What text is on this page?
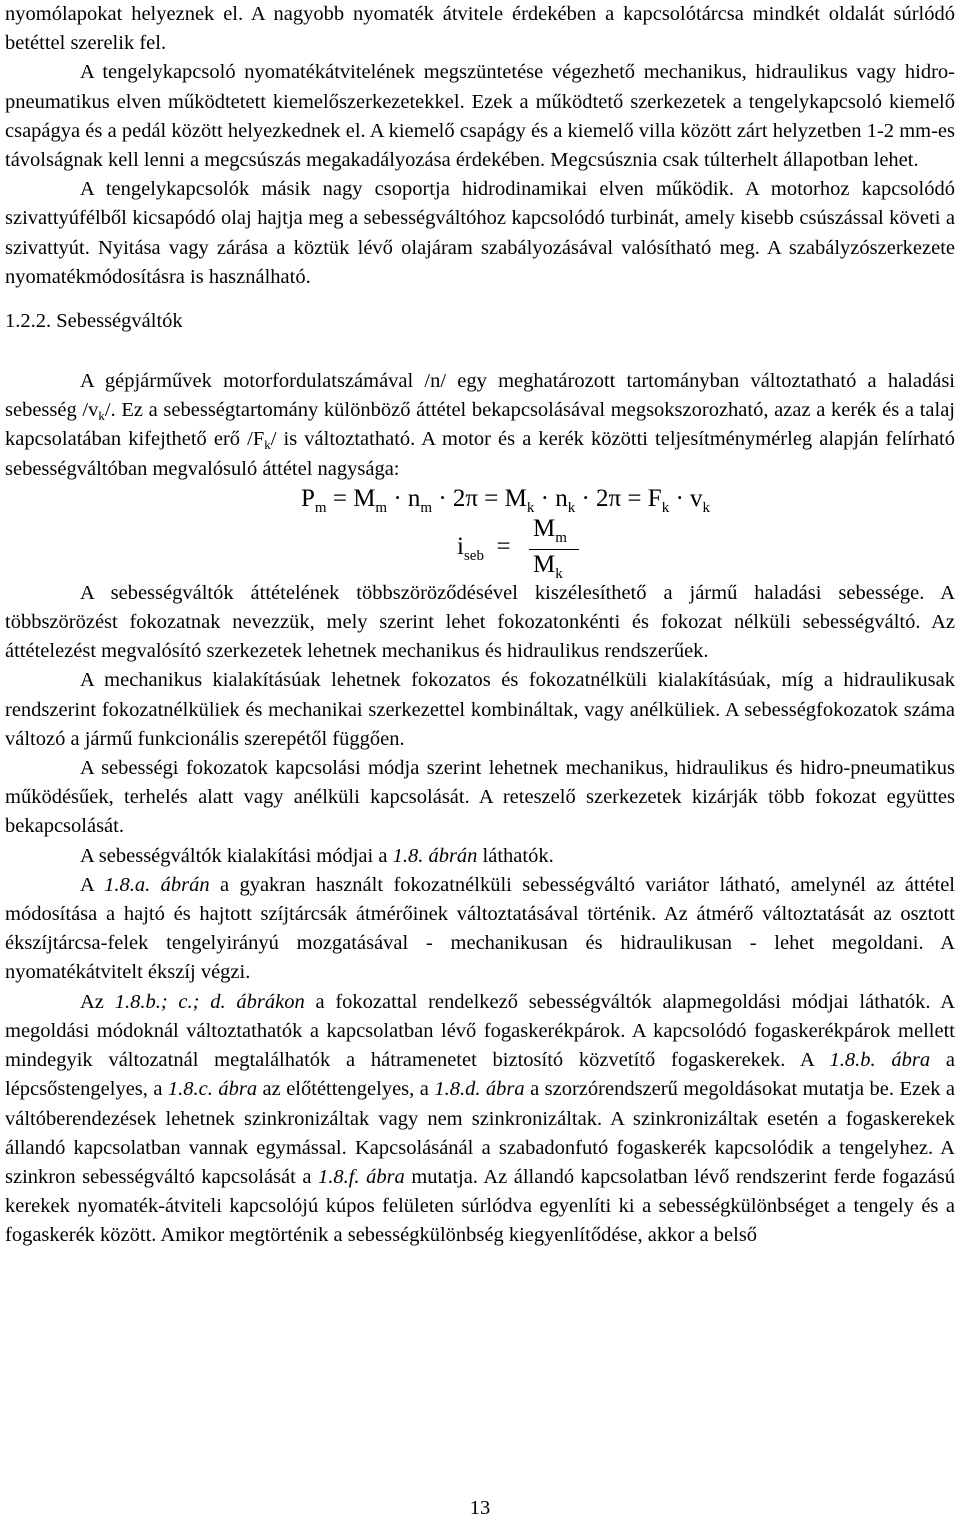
nyomólapokat helyeznek el. A nagyobb nyomaték átvitele érdekében a kapcsolótárcsa mindkét oldalát súrlódó betéttel szerelik fel.

A tengelykapcsoló nyomatékátvitelének megszüntetése végezhető mechanikus, hidraulikus vagy hidro-pneumatikus elven működtetett kiemelőszerkezetekkel. Ezek a működtető szerkezetek a tengelykapcsoló kiemelő csapágya és a pedál között helyezkednek el. A kiemelő csapágy és a kiemelő villa között zárt helyzetben 1-2 mm-es távolságnak kell lenni a megcsúszás megakadályozása érdekében. Megcsúsznia csak túlterhelt állapotban lehet.

A tengelykapcsolók másik nagy csoportja hidrodinamikai elven működik. A motorhoz kapcsolódó szivattyúfélből kicsapódó olaj hajtja meg a sebességváltóhoz kapcsolódó turbinát, amely kisebb csúszással követi a szivattyút. Nyitása vagy zárása a köztük lévő olajáram szabályozásával valósítható meg. A szabályzószerkezete nyomatékmódosításra is használható.

1.2.2. Sebességváltók

A gépjárművek motorfordulatszámával /n/ egy meghatározott tartományban változtatható a haladási sebesség $/v_k/$. Ez a sebességtartomány különböző áttétel bekapcsolásával megsokszorozható, azaz a kerék és a talaj kapcsolatában kifejthető erő $/F_k/$ is változtatható. A motor és a kerék közötti teljesítménymérleg alapján felírható sebességváltóban megvalósuló áttétel nagysága:

$P_m = M_m \cdot n_m \cdot 2\pi = M_k \cdot n_k \cdot 2\pi = F_k \cdot v_k$
$i_{seb}$ =
$M_m$
$M_k$

A sebességváltók áttételének többszöröződésével kiszélesíthető a jármű haladási sebessége. A többszörözést fokozatnak nevezzük, mely szerint lehet fokozatonkénti és fokozat nélküli sebességváltó. Az áttételezést megvalósító szerkezetek lehetnek mechanikus és hidraulikus rendszerűek.

A mechanikus kialakításúak lehetnek fokozatos és fokozatnélküli kialakításúak, míg a hidraulikusak rendszerint fokozatnélküliek és mechanikai szerkezettel kombináltak, vagy anélküliek. A sebességfokozatok száma változó a jármű funkcionális szerepétől függően.

A sebességi fokozatok kapcsolási módja szerint lehetnek mechanikus, hidraulikus és hidro-pneumatikus működésűek, terhelés alatt vagy anélküli kapcsolását. A reteszelő szerkezetek kizárják több fokozat együttes bekapcsolását.

A sebességváltók kialakítási módjai a 1.8. ábrán láthatók.

A 1.8.a. ábrán a gyakran használt fokozatnélküli sebességváltó variátor látható, amelynél az áttétel módosítása a hajtó és hajtott szíjtárcsák átmérőinek változtatásával történik. Az átmérő változtatását az osztott ékszíjtárcsa-felek tengelyirányú mozgatásával - mechanikusan és hidraulikusan - lehet megoldani. A nyomatékátvitelt ékszíj végzi.

Az 1.8.b.; c.; d. ábrákon a fokozattal rendelkező sebességváltók alapmegoldási módjai láthatók. A megoldási módoknál változtathatók a kapcsolatban lévő fogaskerékpárok. A kapcsolódó fogaskerékpárok mellett mindegyik változatnál megtalálhatók a hátramenetet biztosító közvetítő fogaskerekek. A 1.8.b. ábra a lépcsőstengelyes, a 1.8.c. ábra az előtéttengelyes, a 1.8.d. ábra a szorzórendszerű megoldásokat mutatja be. Ezek a váltóberendezések lehetnek szinkronizáltak vagy nem szinkronizáltak. A szinkronizáltak esetén a fogaskerekek állandó kapcsolatban vannak egymással. Kapcsolásánál a szabadonfutó fogaskerék kapcsolódik a tengelyhez. A szinkron sebességváltó kapcsolását a 1.8.f. ábra mutatja. Az állandó kapcsolatban lévő rendszerint ferde fogazású kerekek nyomaték-átviteli kapcsolójú kúpos felületen súrlódva egyenlíti ki a sebességkülönbséget a tengely és a fogaskerék között. Amikor megtörténik a sebességkülönbség kiegyenlítődése, akkor a belső

13
